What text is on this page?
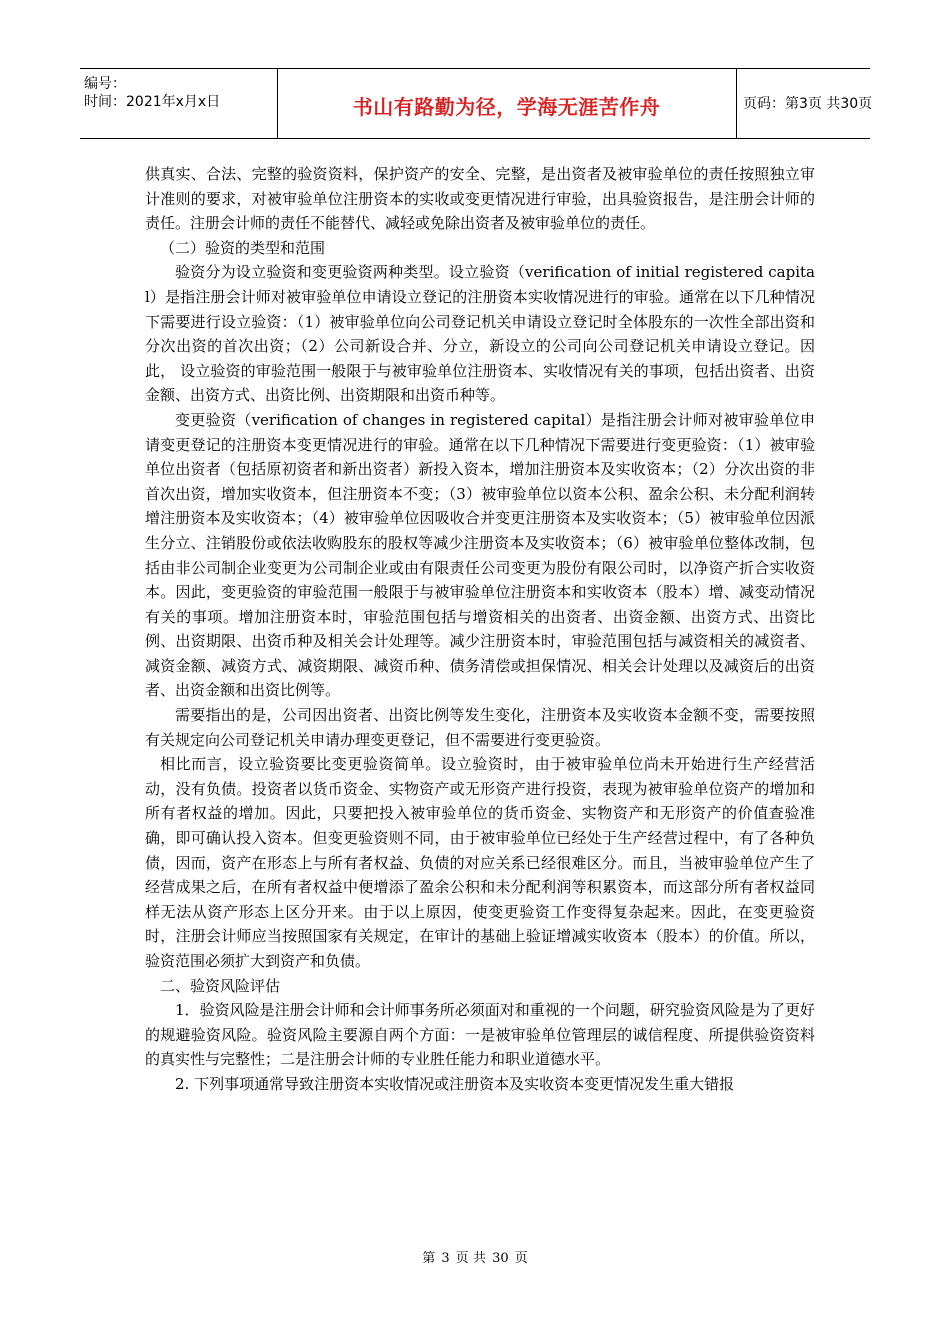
编号：
时间：2021年x月x日	书山有路勤为径，学海无涯苦作舟	页码：第3页 共30页

供真实、合法、完整的验资资料，保护资产的安全、完整，是出资者及被审验单位的责任按照独立审计准则的要求，对被审验单位注册资本的实收或变更情况进行审验，出具验资报告，是注册会计师的责任。注册会计师的责任不能替代、减轻或免除出资者及被审验单位的责任。

（二）验资的类型和范围

验资分为设立验资和变更验资两种类型。设立验资（verification of initial registered capital）是指注册会计师对被审验单位申请设立登记的注册资本实收情况进行的审验。通常在以下几种情况下需要进行设立验资：（1）被审验单位向公司登记机关申请设立登记时全体股东的一次性全部出资和分次出资的首次出资；（2）公司新设合并、分立，新设立的公司向公司登记机关申请设立登记。因此， 设立验资的审验范围一般限于与被审验单位注册资本、实收情况有关的事项，包括出资者、出资金额、出资方式、出资比例、出资期限和出资币种等。

变更验资（verification of changes in registered capital）是指注册会计师对被审验单位申请变更登记的注册资本变更情况进行的审验。通常在以下几种情况下需要进行变更验资：（1）被审验单位出资者（包括原初资者和新出资者）新投入资本，增加注册资本及实收资本；（2）分次出资的非首次出资，增加实收资本，但注册资本不变；（3）被审验单位以资本公积、盈余公积、未分配利润转增注册资本及实收资本；（4）被审验单位因吸收合并变更注册资本及实收资本；（5）被审验单位因派生分立、注销股份或依法收购股东的股权等减少注册资本及实收资本；（6）被审验单位整体改制，包括由非公司制企业变更为公司制企业或由有限责任公司变更为股份有限公司时，以净资产折合实收资本。因此，变更验资的审验范围一般限于与被审验单位注册资本和实收资本（股本）增、减变动情况有关的事项。增加注册资本时，审验范围包括与增资相关的出资者、出资金额、出资方式、出资比例、出资期限、出资币种及相关会计处理等。减少注册资本时，审验范围包括与减资相关的减资者、减资金额、减资方式、减资期限、减资币种、债务清偿或担保情况、相关会计处理以及减资后的出资者、出资金额和出资比例等。

需要指出的是，公司因出资者、出资比例等发生变化，注册资本及实收资本金额不变，需要按照有关规定向公司登记机关申请办理变更登记，但不需要进行变更验资。

相比而言，设立验资要比变更验资简单。设立验资时，由于被审验单位尚未开始进行生产经营活动，没有负债。投资者以货币资金、实物资产或无形资产进行投资，表现为被审验单位资产的增加和所有者权益的增加。因此，只要把投入被审验单位的货币资金、实物资产和无形资产的价值查验准确，即可确认投入资本。但变更验资则不同，由于被审验单位已经处于生产经营过程中，有了各种负债，因而，资产在形态上与所有者权益、负债的对应关系已经很难区分。而且，当被审验单位产生了经营成果之后，在所有者权益中便增添了盈余公积和未分配利润等积累资本，而这部分所有者权益同样无法从资产形态上区分开来。由于以上原因，使变更验资工作变得复杂起来。因此，在变更验资时，注册会计师应当按照国家有关规定，在审计的基础上验证增减实收资本（股本）的价值。所以，验资范围必须扩大到资产和负债。

二、验资风险评估

1．验资风险是注册会计师和会计师事务所必须面对和重视的一个问题，研究验资风险是为了更好的规避验资风险。验资风险主要源自两个方面：一是被审验单位管理层的诚信程度、所提供验资资料的真实性与完整性；二是注册会计师的专业胜任能力和职业道德水平。

2. 下列事项通常导致注册资本实收情况或注册资本及实收资本变更情况发生重大错报

第 3 页 共 30 页
